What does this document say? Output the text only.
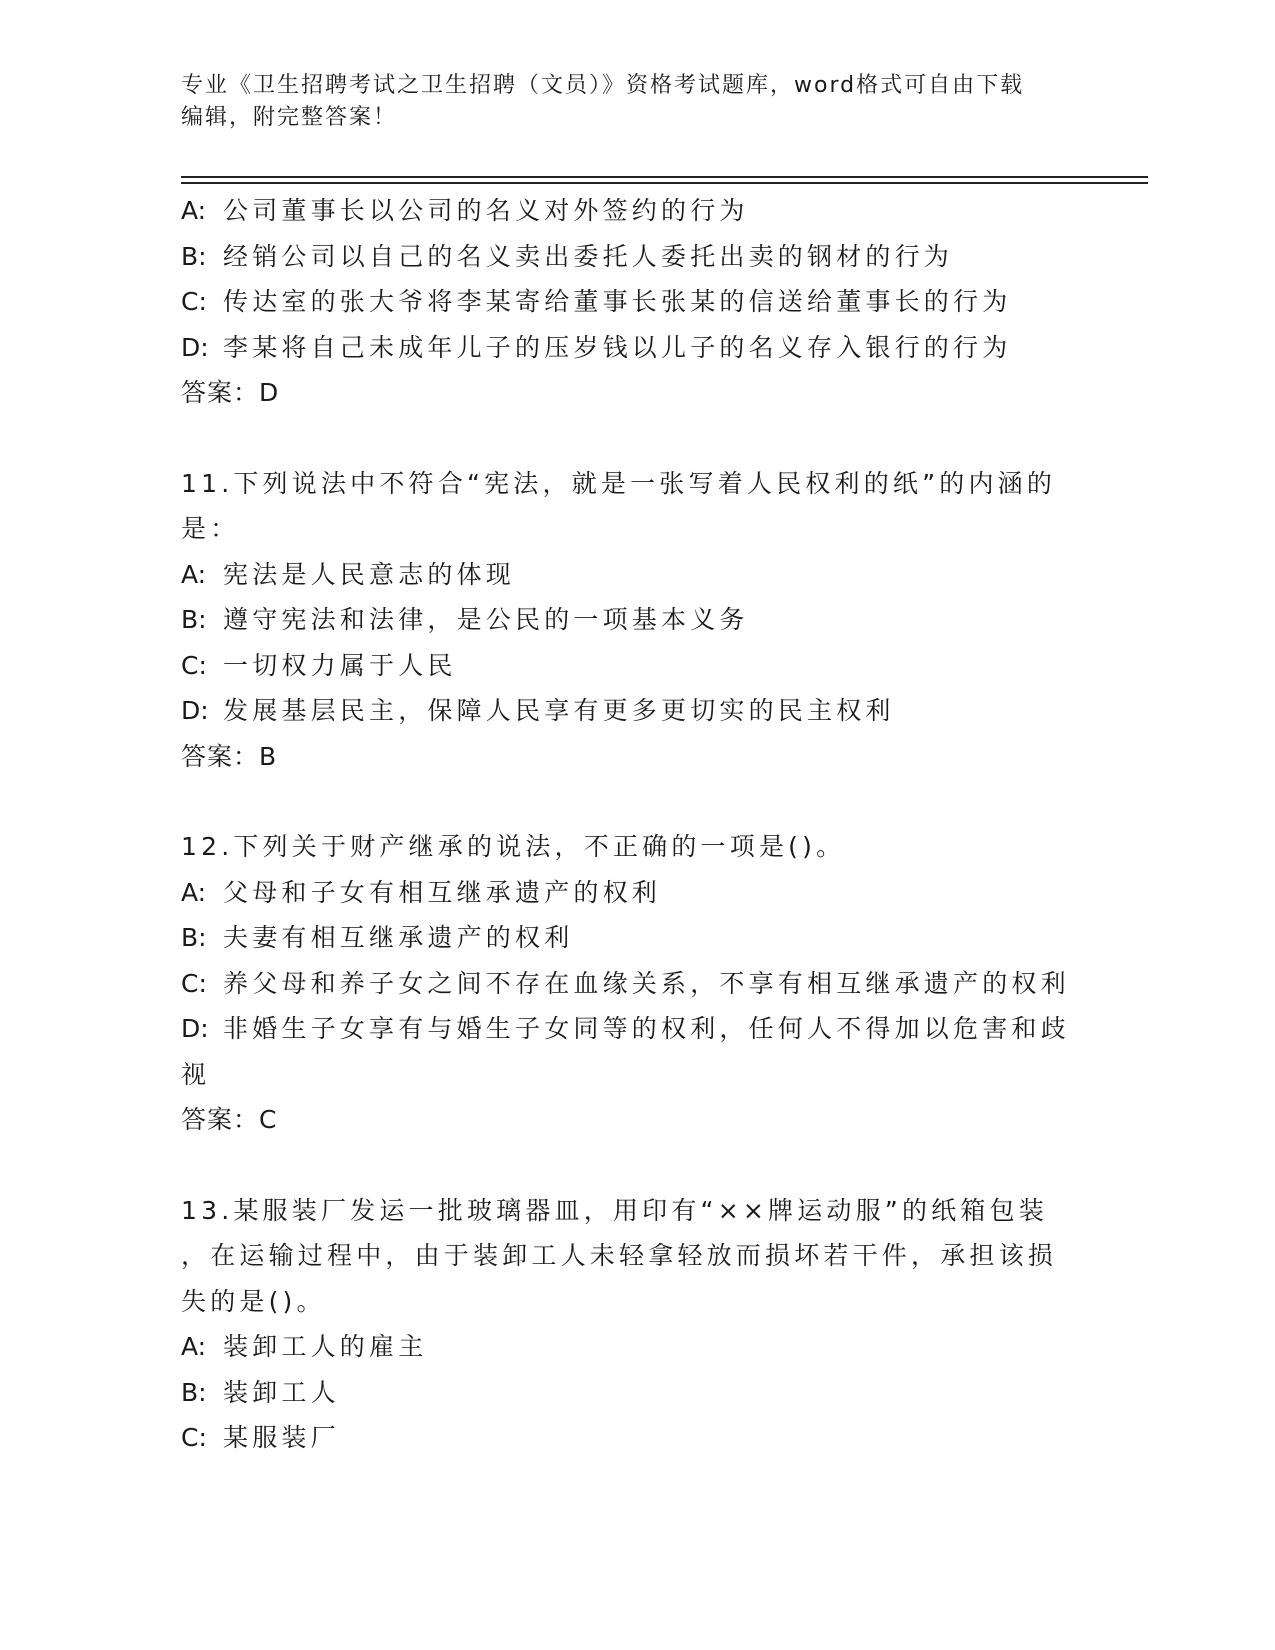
专业《卫生招聘考试之卫生招聘（文员）》资格考试题库，word格式可自由下载
编辑，附完整答案！
A: 公司董事长以公司的名义对外签约的行为
B: 经销公司以自己的名义卖出委托人委托出卖的钢材的行为
C: 传达室的张大爷将李某寄给董事长张某的信送给董事长的行为
D: 李某将自己未成年儿子的压岁钱以儿子的名义存入银行的行为
答案：D
11.下列说法中不符合“宪法，就是一张写着人民权利的纸”的内涵的
是：
A: 宪法是人民意志的体现
B: 遵守宪法和法律，是公民的一项基本义务
C: 一切权力属于人民
D: 发展基层民主，保障人民享有更多更切实的民主权利
答案：B
12.下列关于财产继承的说法，不正确的一项是()。
A: 父母和子女有相互继承遗产的权利
B: 夫妻有相互继承遗产的权利
C: 养父母和养子女之间不存在血缘关系，不享有相互继承遗产的权利
D: 非婚生子女享有与婚生子女同等的权利，任何人不得加以危害和歧
视
答案：C
13.某服装厂发运一批玻璃器皿，用印有“××牌运动服”的纸箱包装
，在运输过程中，由于装卸工人未轻拿轻放而损坏若干件，承担该损
失的是()。
A: 装卸工人的雇主
B: 装卸工人
C: 某服装厂
